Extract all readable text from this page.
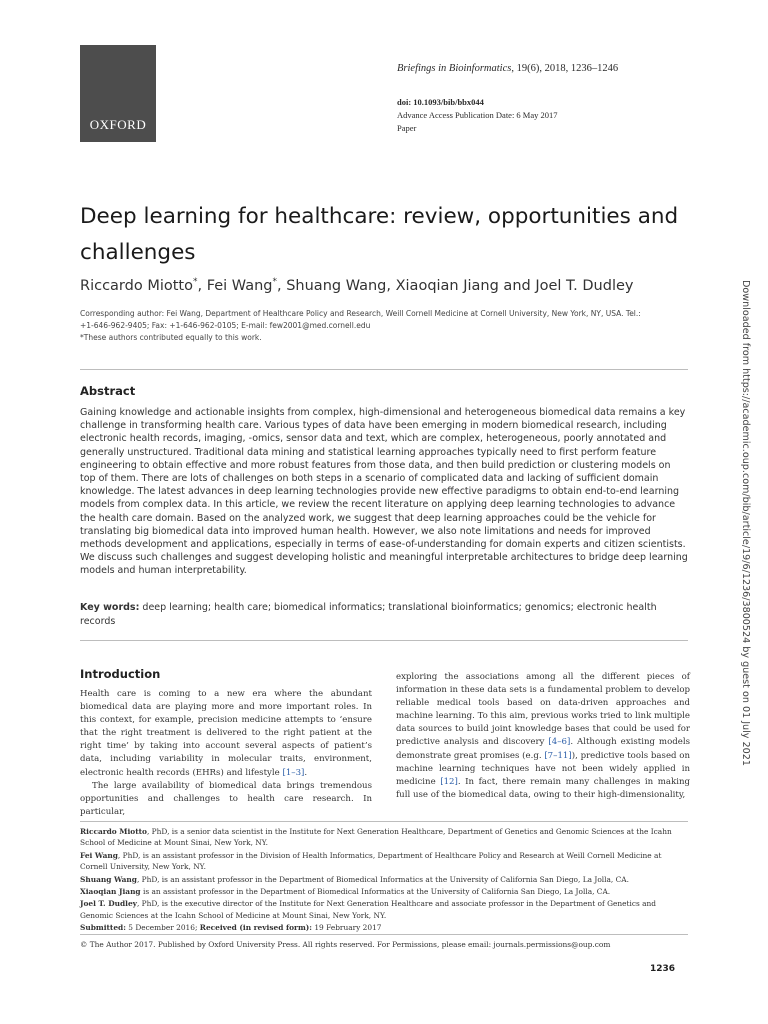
OXFORD
Briefings in Bioinformatics, 19(6), 2018, 1236–1246
doi: 10.1093/bib/bbx044
Advance Access Publication Date: 6 May 2017
Paper
Deep learning for healthcare: review, opportunities and challenges
Riccardo Miotto*, Fei Wang*, Shuang Wang, Xiaoqian Jiang and Joel T. Dudley
Corresponding author: Fei Wang, Department of Healthcare Policy and Research, Weill Cornell Medicine at Cornell University, New York, NY, USA. Tel.:
+1-646-962-9405; Fax: +1-646-962-0105; E-mail: few2001@med.cornell.edu
*These authors contributed equally to this work.
Abstract
Gaining knowledge and actionable insights from complex, high-dimensional and heterogeneous biomedical data remains a key challenge in transforming health care. Various types of data have been emerging in modern biomedical research, including electronic health records, imaging, -omics, sensor data and text, which are complex, heterogeneous, poorly annotated and generally unstructured. Traditional data mining and statistical learning approaches typically need to first perform feature engineering to obtain effective and more robust features from those data, and then build prediction or clustering models on top of them. There are lots of challenges on both steps in a scenario of complicated data and lacking of sufficient domain knowledge. The latest advances in deep learning technologies provide new effective paradigms to obtain end-to-end learning models from complex data. In this article, we review the recent literature on applying deep learning technologies to advance the health care domain. Based on the analyzed work, we suggest that deep learning approaches could be the vehicle for translating big biomedical data into improved human health. However, we also note limitations and needs for improved methods development and applications, especially in terms of ease-of-understanding for domain experts and citizen scientists. We discuss such challenges and suggest developing holistic and meaningful interpretable architectures to bridge deep learning models and human interpretability.
Key words: deep learning; health care; biomedical informatics; translational bioinformatics; genomics; electronic health records
Introduction

Health care is coming to a new era where the abundant biomedical data are playing more and more important roles. In this context, for example, precision medicine attempts to ‘ensure that the right treatment is delivered to the right patient at the right time’ by taking into account several aspects of patient’s data, including variability in molecular traits, environment, electronic health records (EHRs) and lifestyle [1–3].

The large availability of biomedical data brings tremendous opportunities and challenges to health care research. In particular,

exploring the associations among all the different pieces of information in these data sets is a fundamental problem to develop reliable medical tools based on data-driven approaches and machine learning. To this aim, previous works tried to link multiple data sources to build joint knowledge bases that could be used for predictive analysis and discovery [4–6]. Although existing models demonstrate great promises (e.g. [7–11]), predictive tools based on machine learning techniques have not been widely applied in medicine [12]. In fact, there remain many challenges in making full use of the biomedical data, owing to their high-dimensionality,

Riccardo Miotto, PhD, is a senior data scientist in the Institute for Next Generation Healthcare, Department of Genetics and Genomic Sciences at the Icahn School of Medicine at Mount Sinai, New York, NY.

Fei Wang, PhD, is an assistant professor in the Division of Health Informatics, Department of Healthcare Policy and Research at Weill Cornell Medicine at Cornell University, New York, NY.

Shuang Wang, PhD, is an assistant professor in the Department of Biomedical Informatics at the University of California San Diego, La Jolla, CA.

Xiaoqian Jiang is an assistant professor in the Department of Biomedical Informatics at the University of California San Diego, La Jolla, CA.

Joel T. Dudley, PhD, is the executive director of the Institute for Next Generation Healthcare and associate professor in the Department of Genetics and Genomic Sciences at the Icahn School of Medicine at Mount Sinai, New York, NY.

Submitted: 5 December 2016; Received (in revised form): 19 February 2017

© The Author 2017. Published by Oxford University Press. All rights reserved. For Permissions, please email: journals.permissions@oup.com
1236
Downloaded from https://academic.oup.com/bib/article/19/6/1236/3800524 by guest on 01 July 2021
